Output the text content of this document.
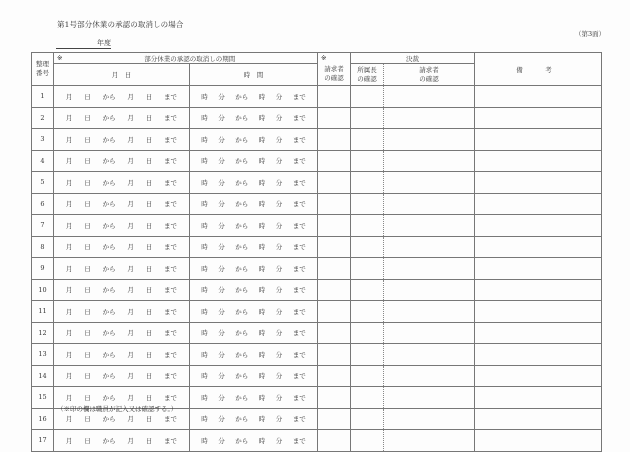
第1号部分休業の承認の取消しの場合
（第3面）
年度
整理
番号

※	部分休業の承認の取消しの期間	※	決裁	備　考
月　日	時　間	
請求者
の確認

所属長
の確認

請求者
の確認

1	月 日 から 月 日 まで	時 分 から 時 分 まで

2	月 日 から 月 日 まで	時 分 から 時 分 まで

3	月 日 から 月 日 まで	時 分 から 時 分 まで

4	月 日 から 月 日 まで	時 分 から 時 分 まで

5	月 日 から 月 日 まで	時 分 から 時 分 まで

6	月 日 から 月 日 まで	時 分 から 時 分 まで

7	月 日 から 月 日 まで	時 分 から 時 分 まで

8	月 日 から 月 日 まで	時 分 から 時 分 まで

9	月 日 から 月 日 まで	時 分 から 時 分 まで

10	月 日 から 月 日 まで	時 分 から 時 分 まで

11	月 日 から 月 日 まで	時 分 から 時 分 まで

12	月 日 から 月 日 まで	時 分 から 時 分 まで

13	月 日 から 月 日 まで	時 分 から 時 分 まで

14	月 日 から 月 日 まで	時 分 から 時 分 まで

15	月 日 から 月 日 まで	時 分 から 時 分 まで

16	月 日 から 月 日 まで	時 分 から 時 分 まで

17	月 日 から 月 日 まで	時 分 から 時 分 まで

（※印の欄は職員が記入又は確認する。）
